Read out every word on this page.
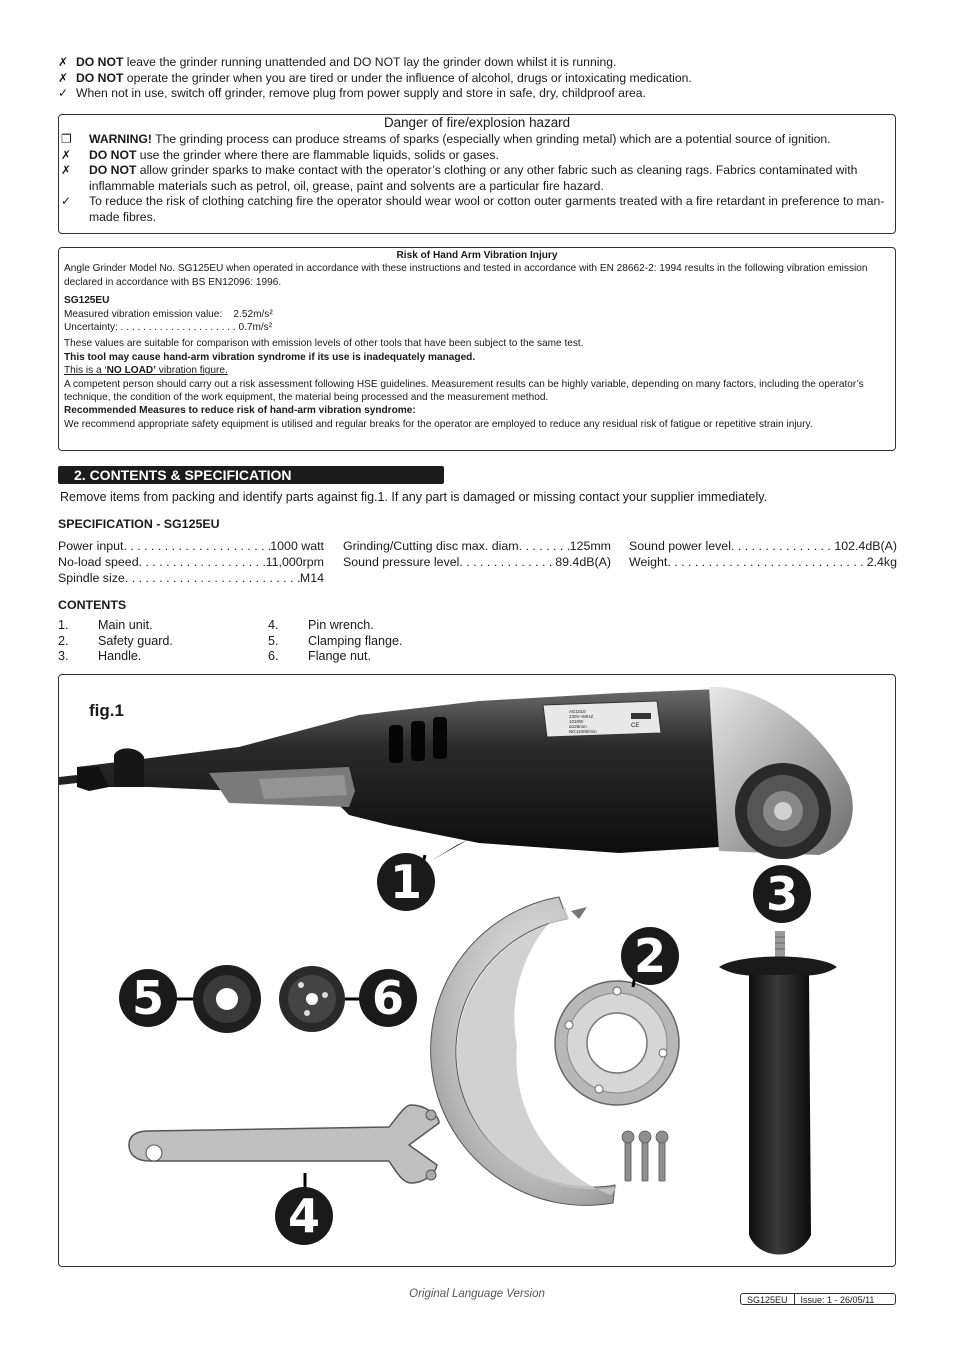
✗ DO NOT leave the grinder running unattended and DO NOT lay the grinder down whilst it is running.
✗ DO NOT operate the grinder when you are tired or under the influence of alcohol, drugs or intoxicating medication.
✓ When not in use, switch off grinder, remove plug from power supply and store in safe, dry, childproof area.
Danger of fire/explosion hazard
❐ WARNING! The grinding process can produce streams of sparks (especially when grinding metal) which are a potential source of ignition.
✗	DO NOT use the grinder where there are flammable liquids, solids or gases.
✗	DO NOT allow grinder sparks to make contact with the operator’s clothing or any other fabric such as cleaning rags. Fabrics contaminated with inflammable materials such as petrol, oil, grease, paint and solvents are a particular fire hazard.
✓	To reduce the risk of clothing catching fire the operator should wear wool or cotton outer garments treated with a fire retardant in preference to man-made fibres.

Risk of Hand Arm Vibration Injury

Angle Grinder Model No. SG125EU when operated in accordance with these instructions and tested in accordance with EN 28662-2: 1994 results in the following vibration emission declared in accordance with BS EN12096: 1996.

SG125EU

Measured vibration emission value:    2.52m/s²

Uncertainty: . . . . . . . . . . . . . . . . . . . . . 0.7m/s²

These values are suitable for comparison with emission levels of other tools that have been subject to the same test.

This tool may cause hand-arm vibration syndrome if its use is inadequately managed.

This is a ‘NO LOAD’ vibration figure.

A competent person should carry out a risk assessment following HSE guidelines. Measurement results can be highly variable, depending on many factors, including the operator’s technique, the condition of the work equipment, the material being processed and the measurement method.

Recommended Measures to reduce risk of hand-arm vibration syndrome:

We recommend appropriate safety equipment is utilised and regular breaks for the operator are employed to reduce any residual risk of fatigue or repetitive strain injury.

2. CONTENTS & SPECIFICATION
Remove items from packing and identify parts against fig.1. If any part is damaged or missing contact your supplier immediately.
SPECIFICATION - SG125EU
Power input . . .	1000 watt
No-load speed . . .	11,000rpm
Spindle size . . .	M14
Grinding/Cutting disc max. diam . . .	125mm
Sound pressure level . . .	89.4dB(A)
Sound power level . . .	102.4dB(A)
Weight . . .	2.4kg
CONTENTS
1. Main unit.
2. Safety guard.
3. Handle.
4. Pin wrench.
5. Clamping flange.
6. Flange nut.
fig.1	AG1010
230V~50HZ
1010W
ø125mm
N0:11000/min
CE
1
2
3
4
5	6
Original Language Version	SG125EU	Issue: 1 - 26/05/11
